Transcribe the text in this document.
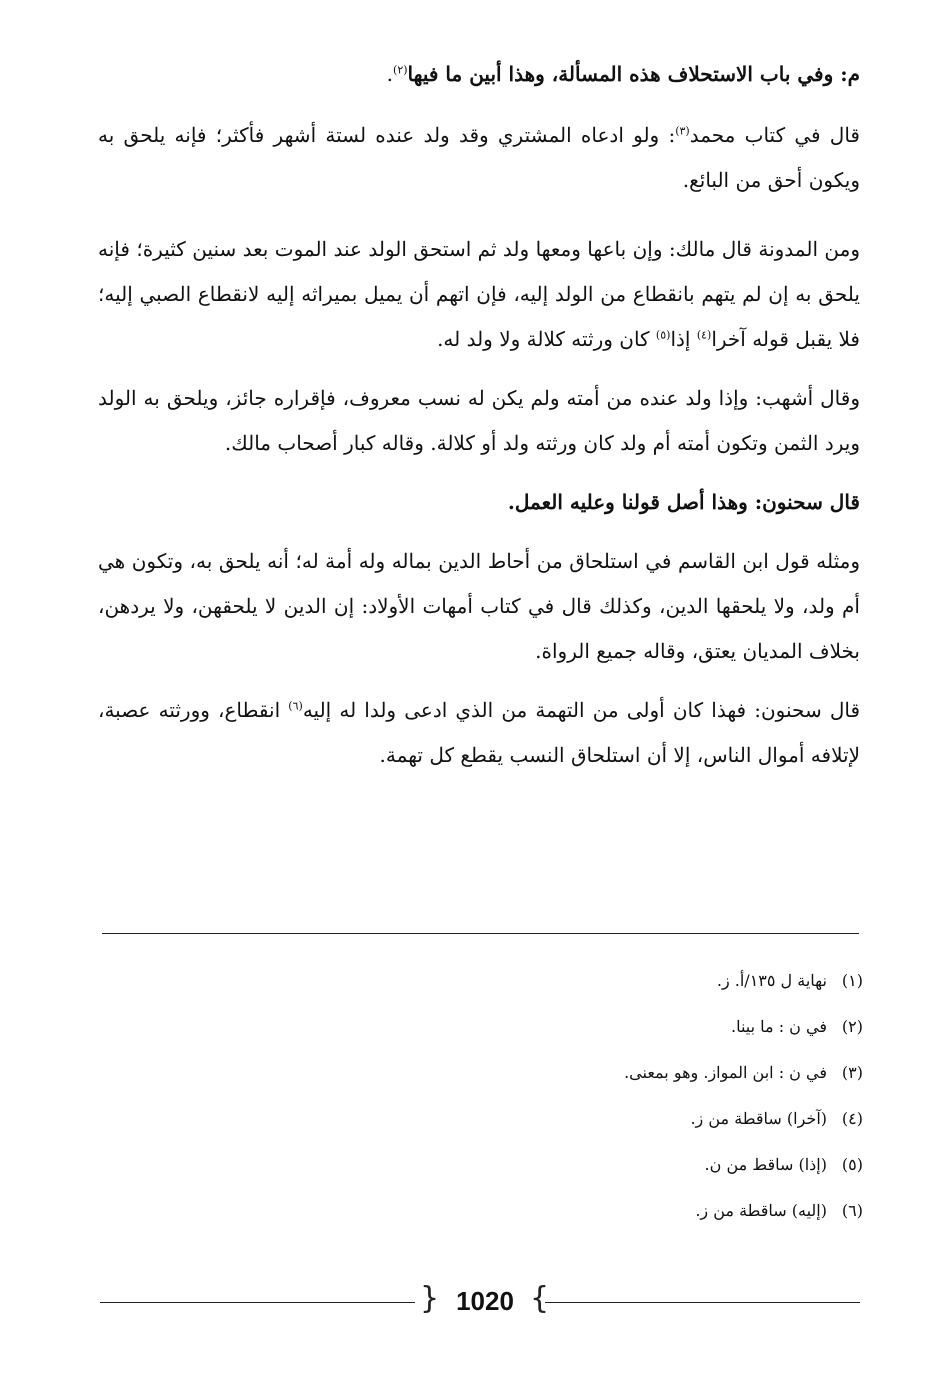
م: وفي باب الاستحلاف هذه المسألة، وهذا أبين ما فيها$^{(٢)}$.

قال في كتاب محمد$^{(٣)}$: ولو ادعاه المشتري وقد ولد عنده لستة أشهر فأكثر؛ فإنه يلحق به ويكون أحق من البائع.

ومن المدونة قال مالك: وإن باعها ومعها ولد ثم استحق الولد عند الموت بعد سنين كثيرة؛ فإنه يلحق به إن لم يتهم بانقطاع من الولد إليه، فإن اتهم أن يميل بميراثه إليه لانقطاع الصبي إليه؛ فلا يقبل قوله آخرا$^{(٤)}$ إذا$^{(٥)}$ كان ورثته كلالة ولا ولد له.

وقال أشهب: وإذا ولد عنده من أمته ولم يكن له نسب معروف، فإقراره جائز، ويلحق به الولد ويرد الثمن وتكون أمته أم ولد كان ورثته ولد أو كلالة. وقاله كبار أصحاب مالك.

قال سحنون: وهذا أصل قولنا وعليه العمل.

ومثله قول ابن القاسم في استلحاق من أحاط الدين بماله وله أمة له؛ أنه يلحق به، وتكون هي أم ولد، ولا يلحقها الدين، وكذلك قال في كتاب أمهات الأولاد: إن الدين لا يلحقهن، ولا يردهن، بخلاف المديان يعتق، وقاله جميع الرواة.

قال سحنون: فهذا كان أولى من التهمة من الذي ادعى ولدا له إليه$^{(٦)}$ انقطاع، وورثته عصبة، لإتلافه أموال الناس، إلا أن استلحاق النسب يقطع كل تهمة.

(١)نهاية ل ١٣٥/أ. ز.

(٢)في ن : ما بينا.

(٣)في ن : ابن المواز. وهو بمعنى.

(٤)(آخرا) ساقطة من ز.

(٥)(إذا) ساقط من ن.

(٦)(إليه) ساقطة من ز.

{ 1020 }
